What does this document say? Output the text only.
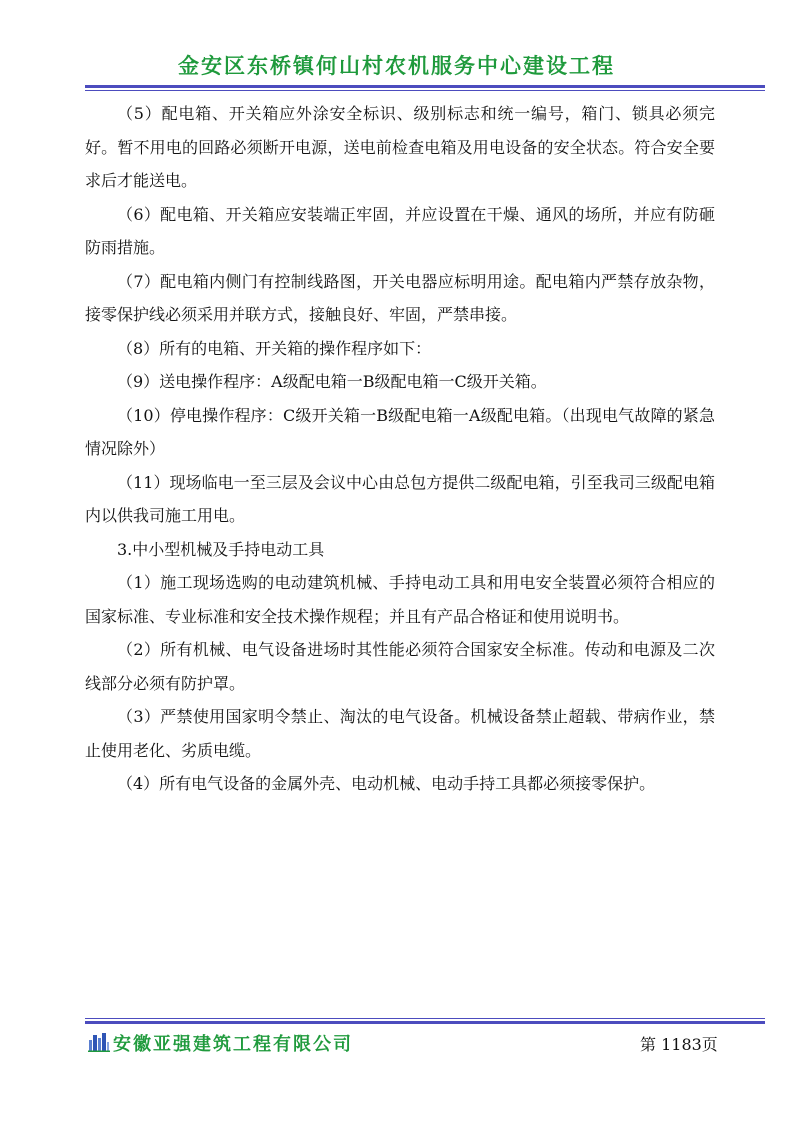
金安区东桥镇何山村农机服务中心建设工程

（5）配电箱、开关箱应外涂安全标识、级别标志和统一编号，箱门、锁具必须完好。暂不用电的回路必须断开电源，送电前检查电箱及用电设备的安全状态。符合安全要求后才能送电。

（6）配电箱、开关箱应安装端正牢固，并应设置在干燥、通风的场所，并应有防砸防雨措施。

（7）配电箱内侧门有控制线路图，开关电器应标明用途。配电箱内严禁存放杂物，接零保护线必须采用并联方式，接触良好、牢固，严禁串接。

（8）所有的电箱、开关箱的操作程序如下：

（9）送电操作程序：A级配电箱一B级配电箱一C级开关箱。

（10）停电操作程序：C级开关箱一B级配电箱一A级配电箱。（出现电气故障的紧急情况除外）

（11）现场临电一至三层及会议中心由总包方提供二级配电箱，引至我司三级配电箱内以供我司施工用电。

3.中小型机械及手持电动工具

（1）施工现场选购的电动建筑机械、手持电动工具和用电安全装置必须符合相应的国家标准、专业标准和安全技术操作规程；并且有产品合格证和使用说明书。

（2）所有机械、电气设备进场时其性能必须符合国家安全标准。传动和电源及二次线部分必须有防护罩。

（3）严禁使用国家明令禁止、淘汰的电气设备。机械设备禁止超载、带病作业，禁止使用老化、劣质电缆。

（4）所有电气设备的金属外壳、电动机械、电动手持工具都必须接零保护。

安徽亚强建筑工程有限公司	第 1183页
